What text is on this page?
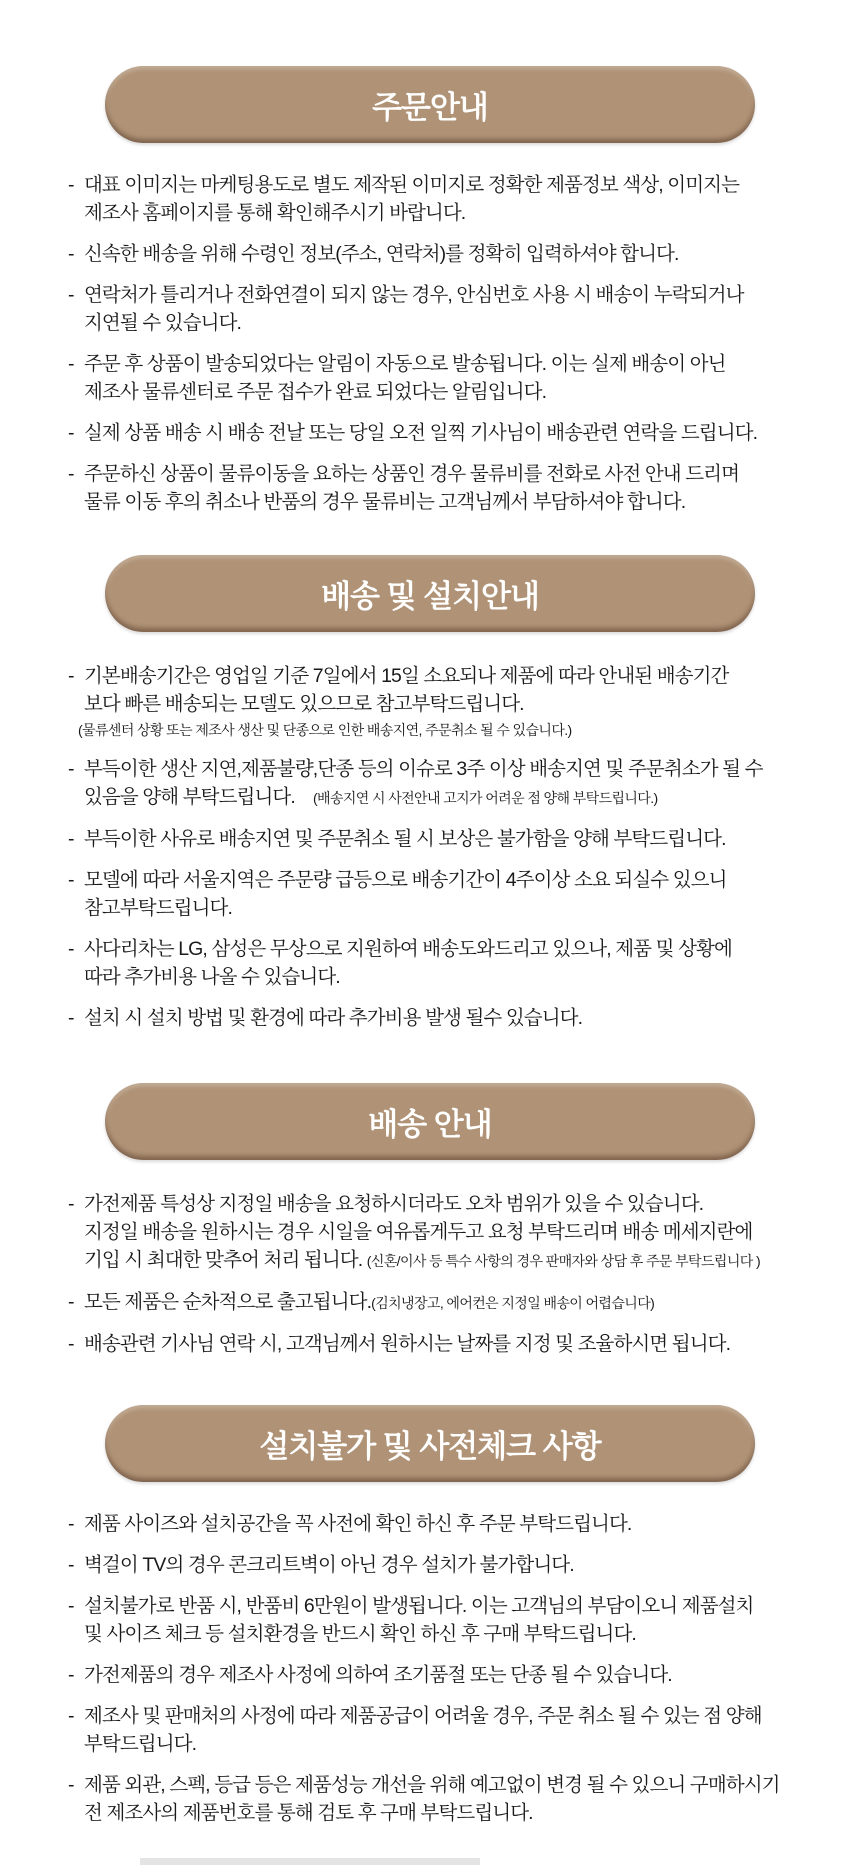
주문안내
- 대표 이미지는 마케팅용도로 별도 제작된 이미지로 정확한 제품정보 색상, 이미지는
제조사 홈페이지를 통해 확인해주시기 바랍니다.
- 신속한 배송을 위해 수령인 정보(주소, 연락처)를 정확히 입력하셔야 합니다.
- 연락처가 틀리거나 전화연결이 되지 않는 경우, 안심번호 사용 시 배송이 누락되거나
지연될 수 있습니다.
- 주문 후 상품이 발송되었다는 알림이 자동으로 발송됩니다. 이는 실제 배송이 아닌
제조사 물류센터로 주문 접수가 완료 되었다는 알림입니다.
- 실제 상품 배송 시 배송 전날 또는 당일 오전 일찍 기사님이 배송관련 연락을 드립니다.
- 주문하신 상품이 물류이동을 요하는 상품인 경우 물류비를 전화로 사전 안내 드리며
물류 이동 후의 취소나 반품의 경우 물류비는 고객님께서 부담하셔야 합니다.
배송 및 설치안내
- 기본배송기간은 영업일 기준 7일에서 15일 소요되나 제품에 따라 안내된 배송기간
보다 빠른 배송되는 모델도 있으므로 참고부탁드립니다.
(물류센터 상황 또는 제조사 생산 및 단종으로 인한 배송지연, 주문취소 될 수 있습니다.)
- 부득이한 생산 지연,제품불량,단종 등의 이슈로 3주 이상 배송지연 및 주문취소가 될 수
있음을 양해 부탁드립니다. (배송지연 시 사전안내 고지가 어려운 점 양해 부탁드립니다.)
- 부득이한 사유로 배송지연 및 주문취소 될 시 보상은 불가함을 양해 부탁드립니다.
- 모델에 따라 서울지역은 주문량 급등으로 배송기간이 4주이상 소요 되실수 있으니
참고부탁드립니다.
- 사다리차는 LG, 삼성은 무상으로 지원하여 배송도와드리고 있으나, 제품 및 상황에
따라 추가비용 나올 수 있습니다.
- 설치 시 설치 방법 및 환경에 따라 추가비용 발생 될수 있습니다.
배송 안내
- 가전제품 특성상 지정일 배송을 요청하시더라도 오차 범위가 있을 수 있습니다.
지정일 배송을 원하시는 경우 시일을 여유롭게두고 요청 부탁드리며 배송 메세지란에
기입 시 최대한 맞추어 처리 됩니다. (신혼/이사 등 특수 사항의 경우 판매자와 상담 후 주문 부탁드립니다 )
- 모든 제품은 순차적으로 출고됩니다.(김치냉장고, 에어컨은 지정일 배송이 어렵습니다)
- 배송관련 기사님 연락 시, 고객님께서 원하시는 날짜를 지정 및 조율하시면 됩니다.
설치불가 및 사전체크 사항
- 제품 사이즈와 설치공간을 꼭 사전에 확인 하신 후 주문 부탁드립니다.
- 벽걸이 TV의 경우 콘크리트벽이 아닌 경우 설치가 불가합니다.
- 설치불가로 반품 시, 반품비 6만원이 발생됩니다. 이는 고객님의 부담이오니 제품설치
및 사이즈 체크 등 설치환경을 반드시 확인 하신 후 구매 부탁드립니다.
- 가전제품의 경우 제조사 사정에 의하여 조기품절 또는 단종 될 수 있습니다.
- 제조사 및 판매처의 사정에 따라 제품공급이 어려울 경우, 주문 취소 될 수 있는 점 양해
부탁드립니다.
- 제품 외관, 스펙, 등급 등은 제품성능 개선을 위해 예고없이 변경 될 수 있으니 구매하시기
전 제조사의 제품번호를 통해 검토 후 구매 부탁드립니다.
